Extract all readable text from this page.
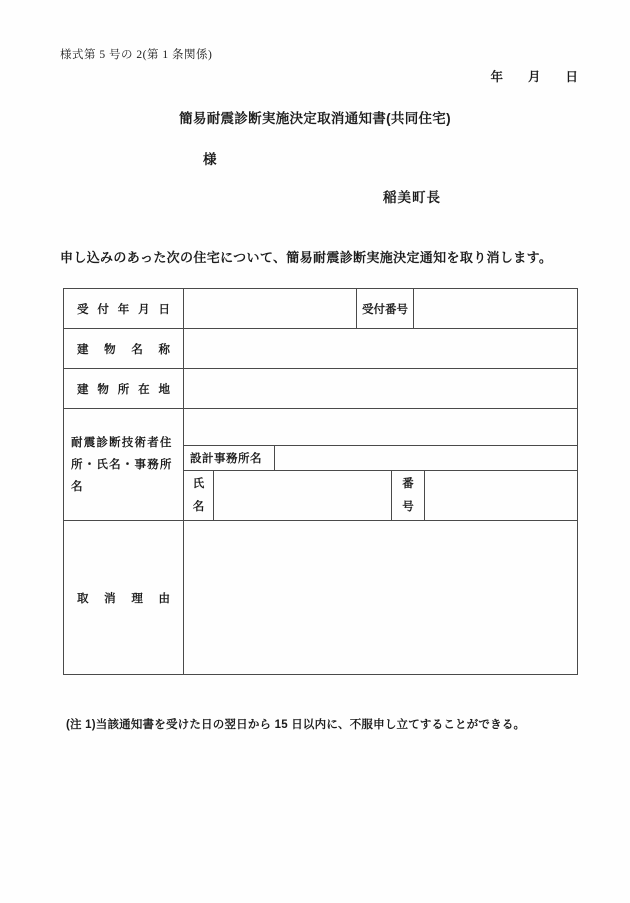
様式第 5 号の 2(第 1 条関係)
年　　月　　日
簡易耐震診断実施決定取消通知書(共同住宅)
様
稲美町長
申し込みのあった次の住宅について、簡易耐震診断実施決定通知を取り消します。
受付年月日	受付番号
建物名称
建物所在地
耐震診断技術者住
所・氏名・事務所名
設計事務所名
氏
名
番
号
取消理由
(注 1)当該通知書を受けた日の翌日から 15 日以内に、不服申し立てすることができる。
